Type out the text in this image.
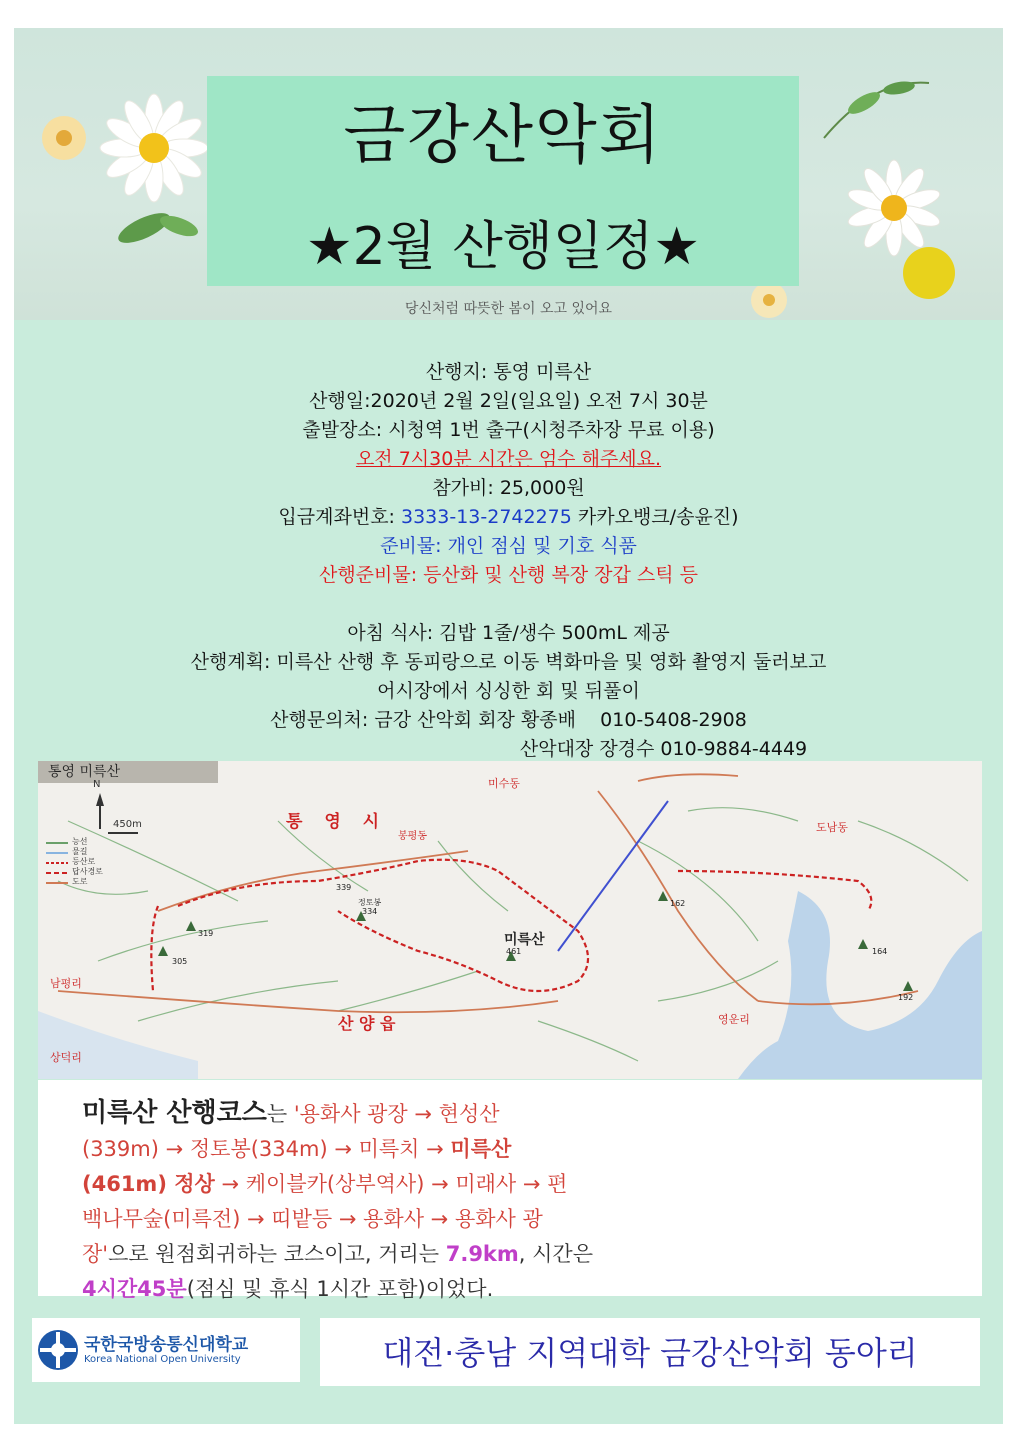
금강산악회
★2월 산행일정★
당신처럼 따뜻한 봄이 오고 있어요
산행지: 통영 미륵산
산행일:2020년 2월 2일(일요일) 오전 7시 30분
출발장소: 시청역 1번 출구(시청주차장 무료 이용)
오전 7시30분 시간은 엄수 해주세요.
참가비: 25,000원
입금계좌번호: 3333-13-2742275 카카오뱅크/송윤진)
준비물: 개인 점심 및 기호 식품
산행준비물: 등산화 및 산행 복장 장갑 스틱 등

아침 식사: 김밥 1줄/생수 500mL 제공
산행계획: 미륵산 산행 후 동피랑으로 이동 벽화마을 및 영화 촬영지 둘러보고
어시장에서 싱싱한 회 및 뒤풀이
산행문의처: 금강 산악회 회장 황종배    010-5408-2908
산악대장 장경수 010-9884-4449
통영 미륵산
N
450m
능선
물길
등산로
답사경로
도로
통 영 시
산 양 읍
미륵산
461
봉평동
미수동
도남동
영운리
남평리
상덕리
정토봉
334
339
305
319
164
192
162
미륵산 산행코스는 '용화사 광장 → 현성산
(339m) → 정토봉(334m) → 미륵치 → 미륵산
(461m) 정상 → 케이블카(상부역사) → 미래사 → 편
백나무숲(미륵전) → 띠밭등 → 용화사 → 용화사 광
장'으로 원점회귀하는 코스이고, 거리는 7.9km, 시간은
4시간45분(점심 및 휴식 1시간 포함)이었다.
국한국방송통신대학교
Korea National Open University	대전·충남 지역대학 금강산악회 동아리
